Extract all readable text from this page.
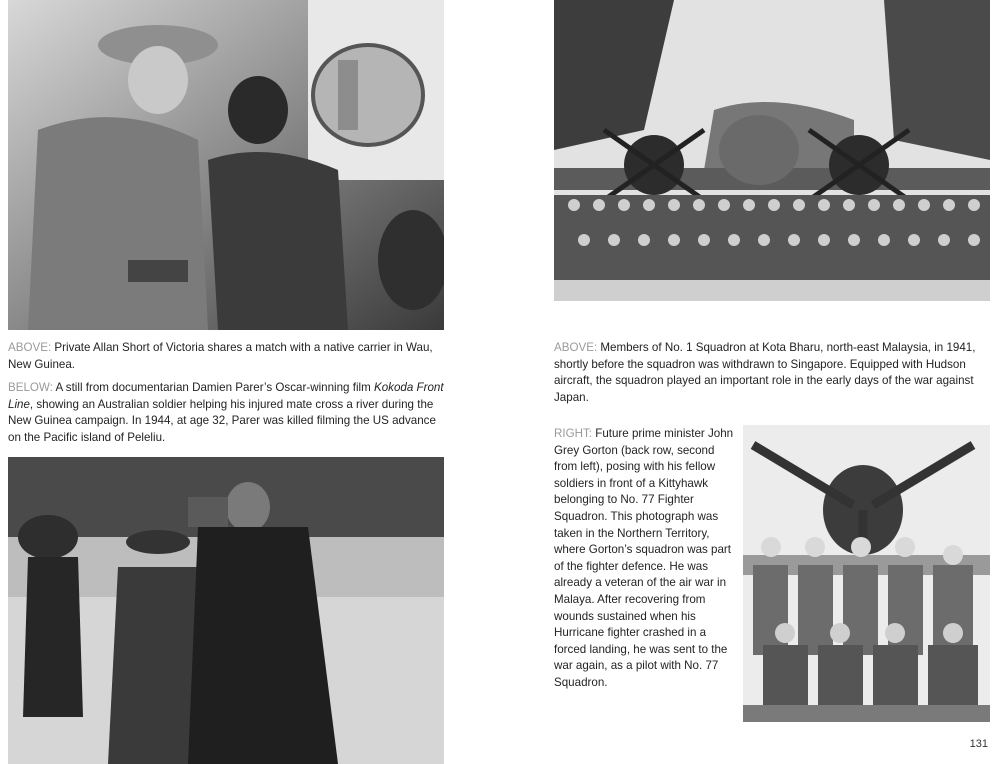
ABOVE: Private Allan Short of Victoria shares a match with a native carrier in Wau, New Guinea.

BELOW: A still from documentarian Damien Parer’s Oscar-winning film Kokoda Front Line, showing an Australian soldier helping his injured mate cross a river during the New Guinea campaign. In 1944, at age 32, Parer was killed filming the US advance on the Pacific island of Peleliu.

ABOVE: Members of No. 1 Squadron at Kota Bharu, north-east Malaysia, in 1941, shortly before the squadron was withdrawn to Singapore. Equipped with Hudson aircraft, the squadron played an important role in the early days of the war against Japan.

RIGHT: Future prime minister John Grey Gorton (back row, second from left), posing with his fellow soldiers in front of a Kittyhawk belonging to No. 77 Fighter Squadron. This photograph was taken in the Northern Territory, where Gorton’s squadron was part of the fighter defence. He was already a veteran of the air war in Malaya. After recovering from wounds sustained when his Hurricane fighter crashed in a forced landing, he was sent to the war again, as a pilot with No. 77 Squadron.

131
